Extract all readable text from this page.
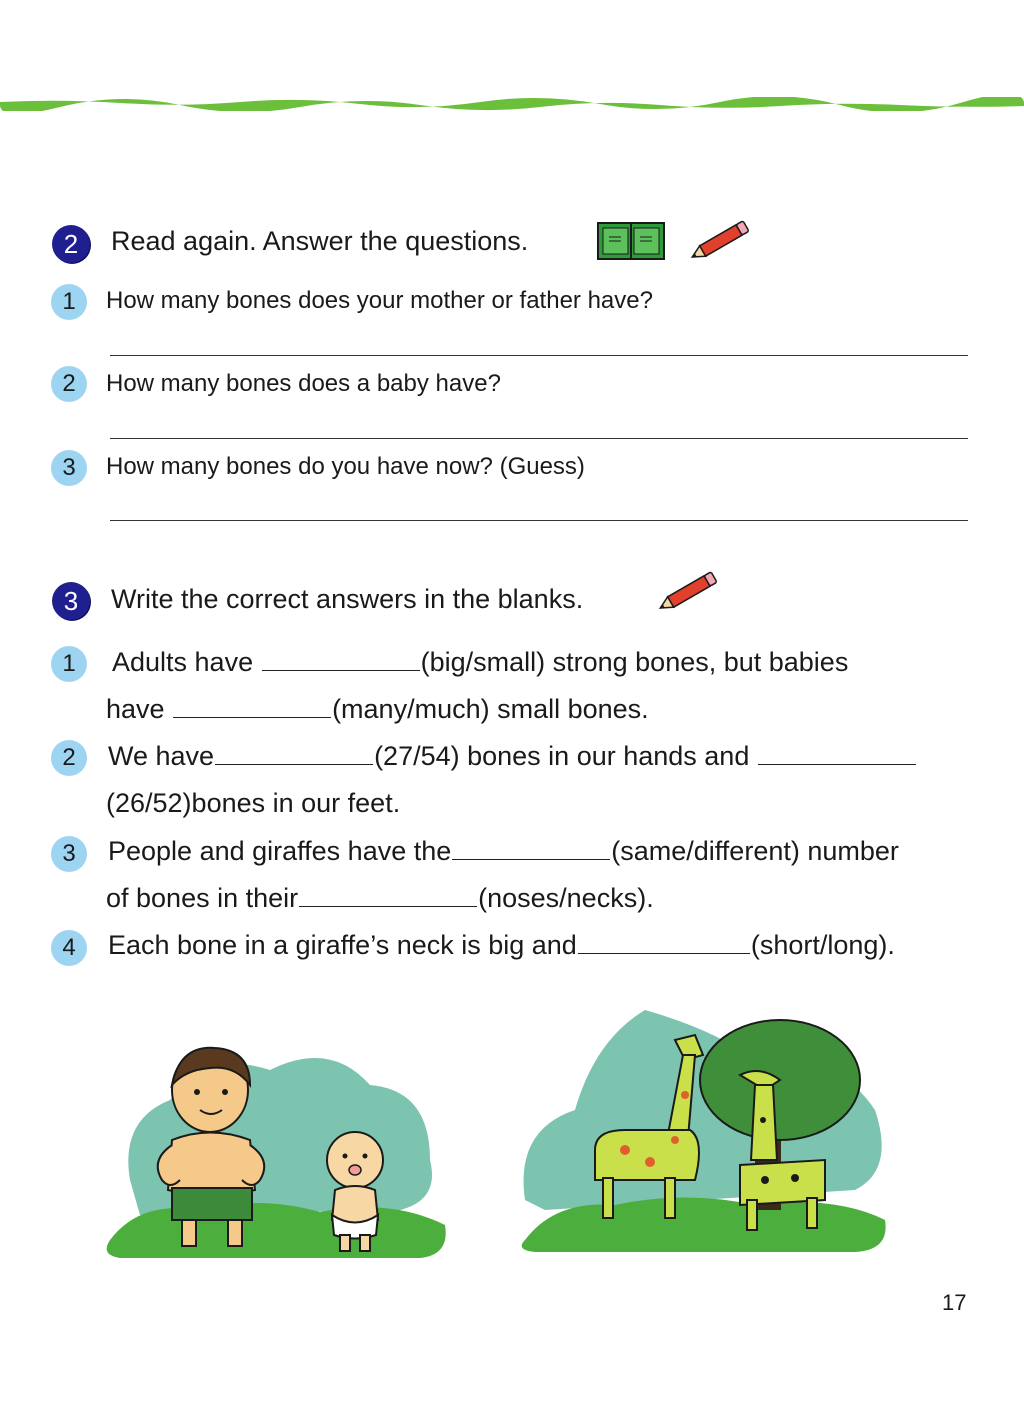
2	Read again. Answer the questions.
1	How many bones does your mother or father have?
2	How many bones does a baby have?
3	How many bones do you have now? (Guess)
3	Write the correct answers in the blanks.
1	Adults have	(big/small) strong bones, but babies
have	(many/much) small bones.
2	We have	(27/54) bones in our hands and
(26/52)bones in our feet.
3	People and giraffes have the	(same/different) number
of bones in their	(noses/necks).
4	Each bone in a giraffe’s neck is big and	(short/long).
17
